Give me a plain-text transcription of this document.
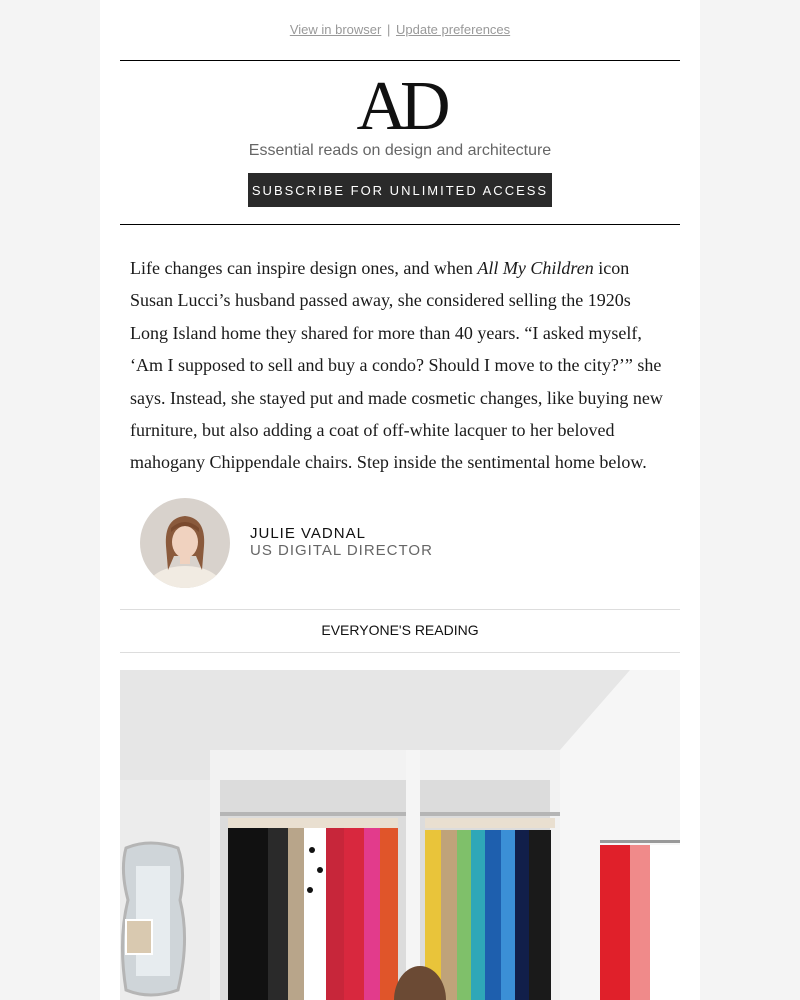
View in browser | Update preferences
AD
Essential reads on design and architecture
SUBSCRIBE FOR UNLIMITED ACCESS

Life changes can inspire design ones, and when All My Children icon Susan Lucci’s husband passed away, she considered selling the 1920s Long Island home they shared for more than 40 years. “I asked myself, ‘Am I supposed to sell and buy a condo? Should I move to the city?’” she says. Instead, she stayed put and made cosmetic changes, like buying new furniture, but also adding a coat of off-white lacquer to her beloved mahogany Chippendale chairs. Step inside the sentimental home below.

JULIE VADNAL
US DIGITAL DIRECTOR
EVERYONE'S READING
